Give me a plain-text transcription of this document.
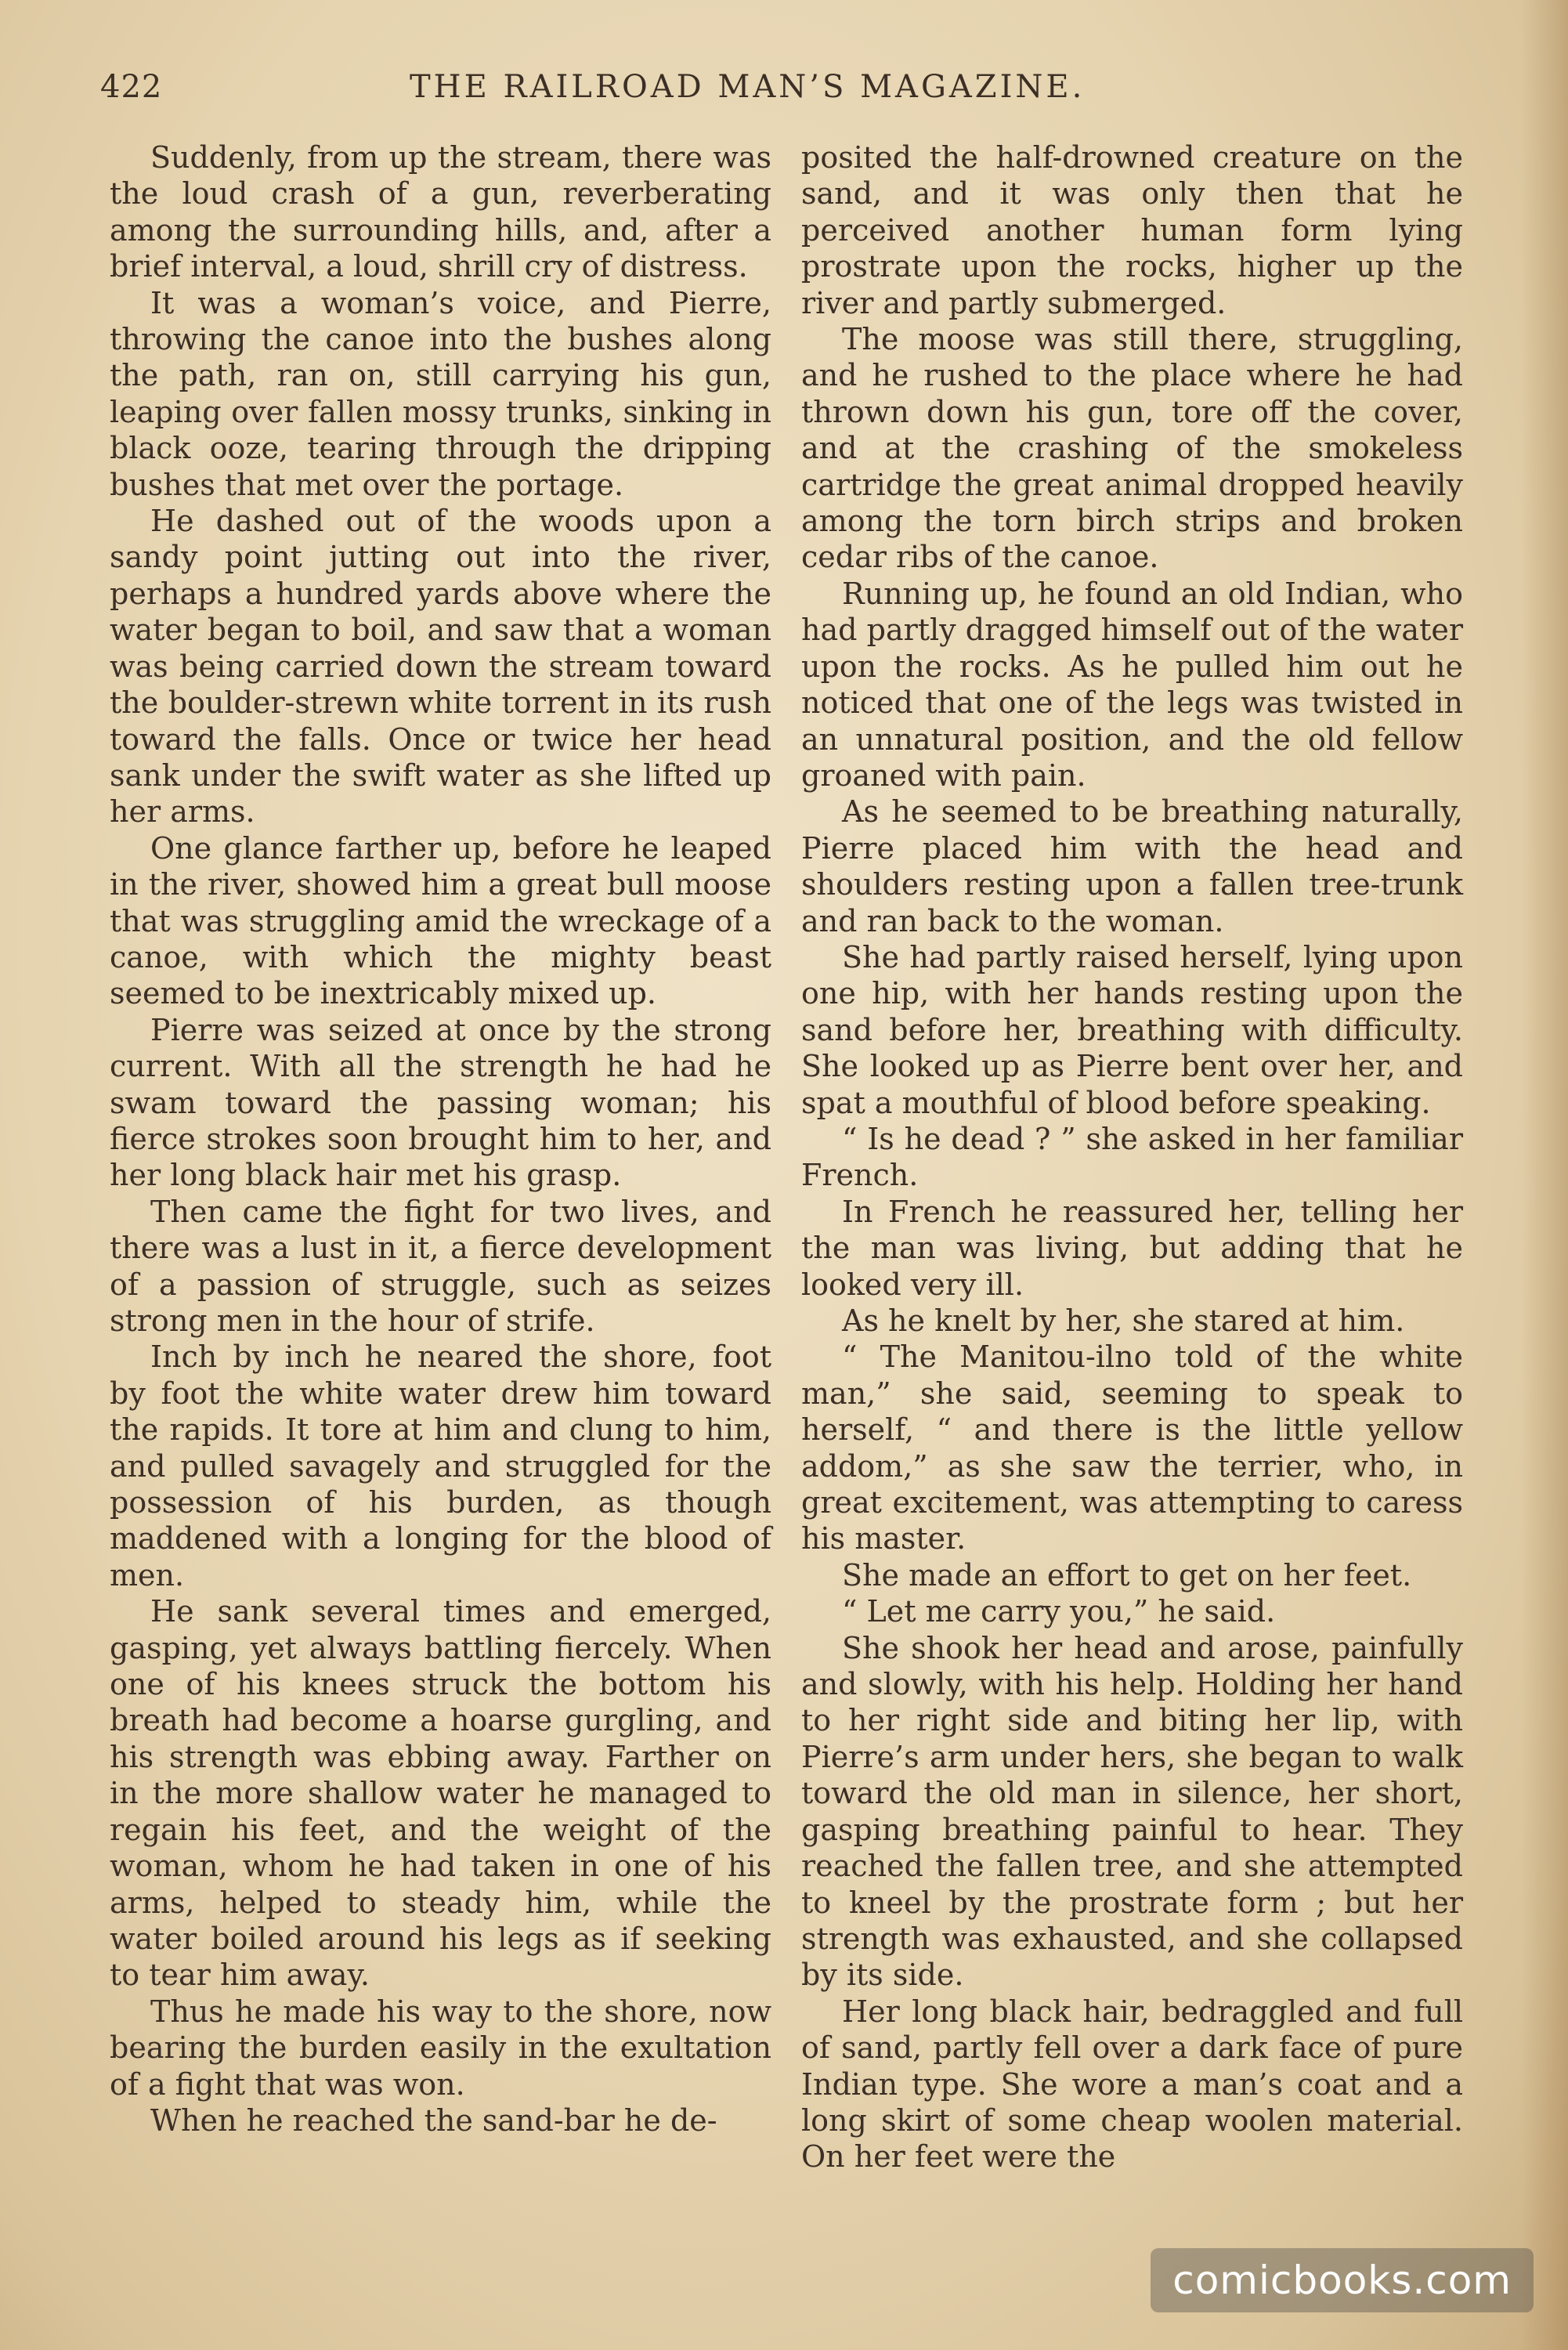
422	THE RAILROAD MAN’S MAGAZINE.

Suddenly, from up the stream, there was the loud crash of a gun, reverberating among the surrounding hills, and, after a brief interval, a loud, shrill cry of distress.

It was a woman’s voice, and Pierre, throwing the canoe into the bushes along the path, ran on, still carrying his gun, leaping over fallen mossy trunks, sinking in black ooze, tearing through the dripping bushes that met over the portage.

He dashed out of the woods upon a sandy point jutting out into the river, perhaps a hundred yards above where the water began to boil, and saw that a woman was being carried down the stream toward the boulder-strewn white torrent in its rush toward the falls. Once or twice her head sank under the swift water as she lifted up her arms.

One glance farther up, before he leaped in the river, showed him a great bull moose that was struggling amid the wreckage of a canoe, with which the mighty beast seemed to be inextricably mixed up.

Pierre was seized at once by the strong current. With all the strength he had he swam toward the passing woman; his fierce strokes soon brought him to her, and her long black hair met his grasp.

Then came the fight for two lives, and there was a lust in it, a fierce development of a passion of struggle, such as seizes strong men in the hour of strife.

Inch by inch he neared the shore, foot by foot the white water drew him toward the rapids. It tore at him and clung to him, and pulled savagely and struggled for the possession of his burden, as though maddened with a longing for the blood of men.

He sank several times and emerged, gasping, yet always battling fiercely. When one of his knees struck the bottom his breath had become a hoarse gurgling, and his strength was ebbing away. Farther on in the more shallow water he managed to regain his feet, and the weight of the woman, whom he had taken in one of his arms, helped to steady him, while the water boiled around his legs as if seeking to tear him away.

Thus he made his way to the shore, now bearing the burden easily in the exultation of a fight that was won.

When he reached the sand-bar he de-

posited the half-drowned creature on the sand, and it was only then that he perceived another human form lying prostrate upon the rocks, higher up the river and partly submerged.

The moose was still there, struggling, and he rushed to the place where he had thrown down his gun, tore off the cover, and at the crashing of the smokeless cartridge the great animal dropped heavily among the torn birch strips and broken cedar ribs of the canoe.

Running up, he found an old Indian, who had partly dragged himself out of the water upon the rocks. As he pulled him out he noticed that one of the legs was twisted in an unnatural position, and the old fellow groaned with pain.

As he seemed to be breathing naturally, Pierre placed him with the head and shoulders resting upon a fallen tree-trunk and ran back to the woman.

She had partly raised herself, lying upon one hip, with her hands resting upon the sand before her, breathing with difficulty. She looked up as Pierre bent over her, and spat a mouthful of blood before speaking.

“ Is he dead ? ” she asked in her familiar French.

In French he reassured her, telling her the man was living, but adding that he looked very ill.

As he knelt by her, she stared at him.

“ The Manitou-ilno told of the white man,” she said, seeming to speak to herself, “ and there is the little yellow addom,” as she saw the terrier, who, in great excitement, was attempting to caress his master.

She made an effort to get on her feet.

“ Let me carry you,” he said.

She shook her head and arose, painfully and slowly, with his help. Holding her hand to her right side and biting her lip, with Pierre’s arm under hers, she began to walk toward the old man in silence, her short, gasping breathing painful to hear. They reached the fallen tree, and she attempted to kneel by the prostrate form ; but her strength was exhausted, and she collapsed by its side.

Her long black hair, bedraggled and full of sand, partly fell over a dark face of pure Indian type. She wore a man’s coat and a long skirt of some cheap woolen material. On her feet were the

comicbooks.com
